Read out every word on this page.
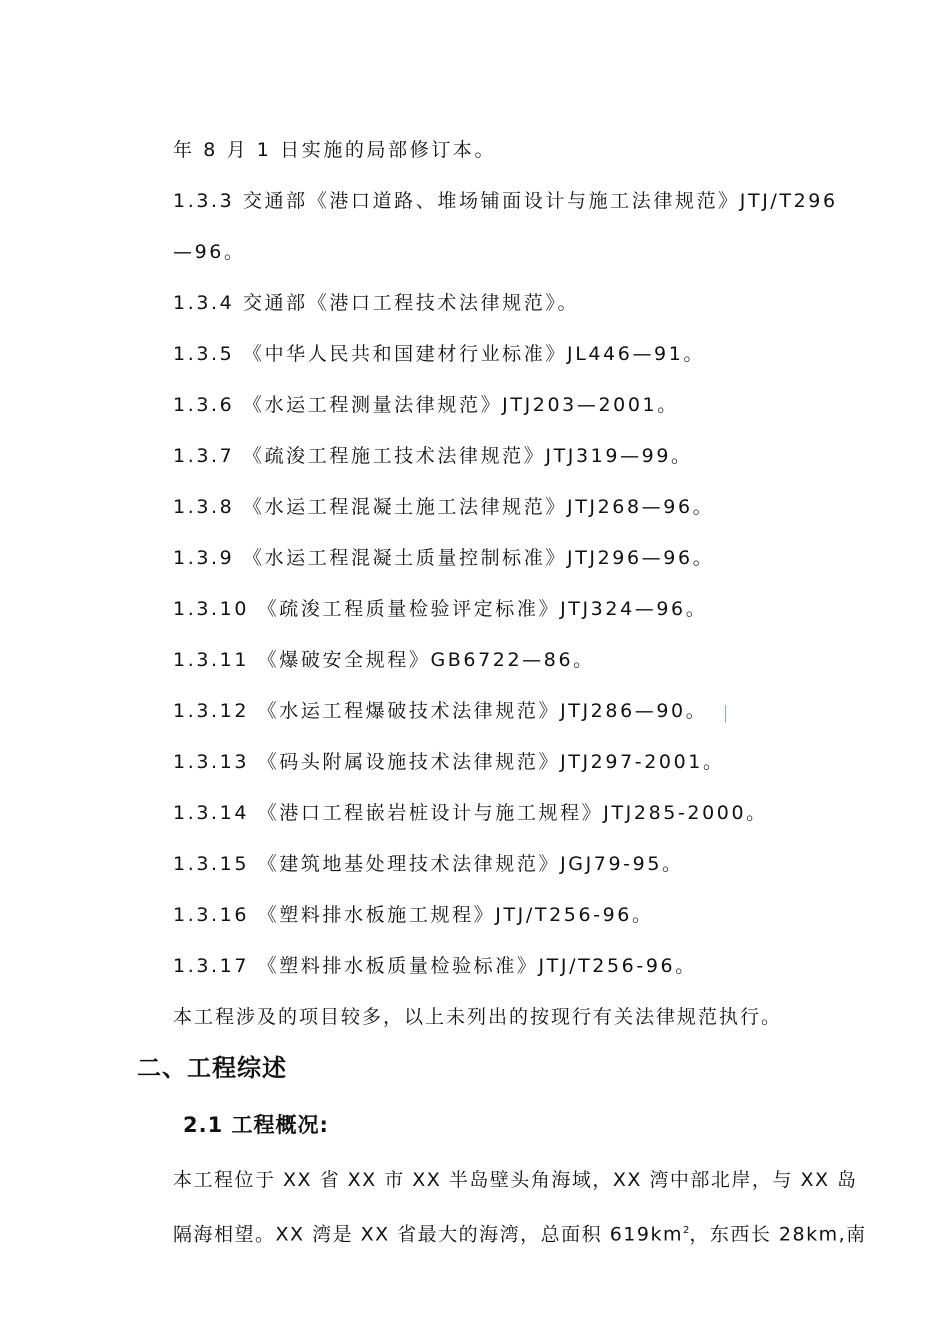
年 8 月 1 日实施的局部修订本。
1.3.3 交通部《港口道路、堆场铺面设计与施工法律规范》JTJ/T296
—96。
1.3.4 交通部《港口工程技术法律规范》。
1.3.5 《中华人民共和国建材行业标准》JL446—91。
1.3.6 《水运工程测量法律规范》JTJ203—2001。
1.3.7 《疏浚工程施工技术法律规范》JTJ319—99。
1.3.8 《水运工程混凝土施工法律规范》JTJ268—96。
1.3.9 《水运工程混凝土质量控制标准》JTJ296—96。
1.3.10 《疏浚工程质量检验评定标准》JTJ324—96。
1.3.11 《爆破安全规程》GB6722—86。
1.3.12 《水运工程爆破技术法律规范》JTJ286—90。
1.3.13 《码头附属设施技术法律规范》JTJ297-2001。
1.3.14 《港口工程嵌岩桩设计与施工规程》JTJ285-2000。
1.3.15 《建筑地基处理技术法律规范》JGJ79-95。
1.3.16 《塑料排水板施工规程》JTJ/T256-96。
1.3.17 《塑料排水板质量检验标准》JTJ/T256-96。
本工程涉及的项目较多，以上未列出的按现行有关法律规范执行。
二、工程综述
2.1 工程概况:
本工程位于 XX 省 XX 市 XX 半岛壁头角海域，XX 湾中部北岸，与 XX 岛
隔海相望。XX 湾是 XX 省最大的海湾，总面积 $619km^2$，东西长 28km,南
